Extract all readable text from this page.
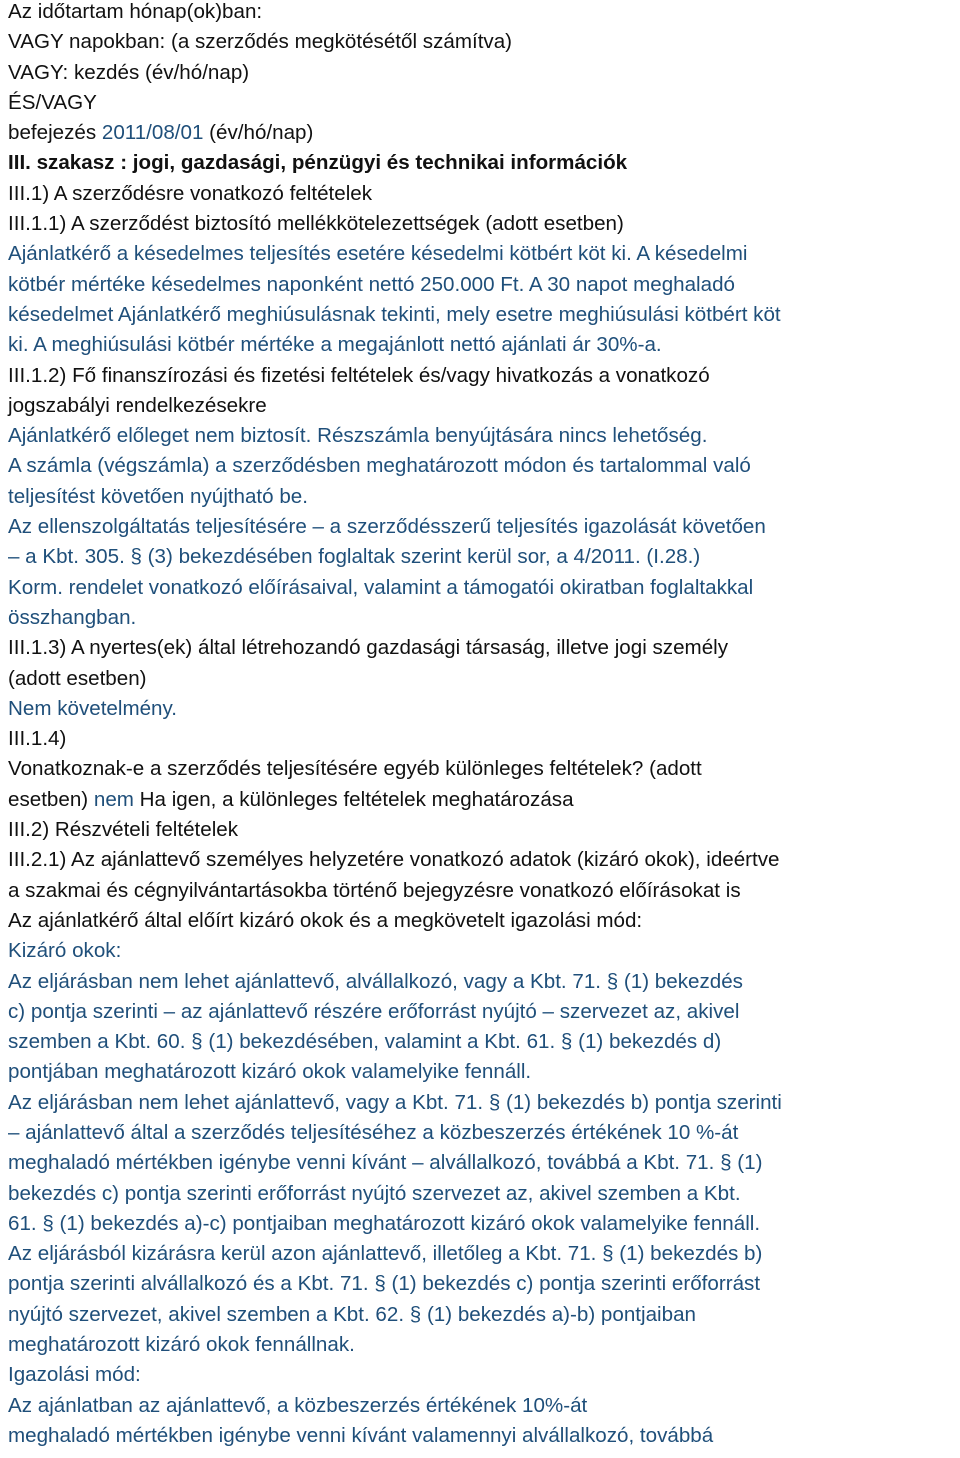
Az időtartam hónap(ok)ban:
VAGY napokban: (a szerződés megkötésétől számítva)
VAGY: kezdés (év/hó/nap)
ÉS/VAGY
befejezés 2011/08/01 (év/hó/nap)
III. szakasz : jogi, gazdasági, pénzügyi és technikai információk
III.1) A szerződésre vonatkozó feltételek
III.1.1) A szerződést biztosító mellékkötelezettségek (adott esetben)
Ajánlatkérő a késedelmes teljesítés esetére késedelmi kötbért köt ki. A késedelmi
kötbér mértéke késedelmes naponként nettó 250.000 Ft. A 30 napot meghaladó
késedelmet Ajánlatkérő meghiúsulásnak tekinti, mely esetre meghiúsulási kötbért köt
ki. A meghiúsulási kötbér mértéke a megajánlott nettó ajánlati ár 30%-a.
III.1.2) Fő finanszírozási és fizetési feltételek és/vagy hivatkozás a vonatkozó
jogszabályi rendelkezésekre
Ajánlatkérő előleget nem biztosít. Részszámla benyújtására nincs lehetőség.
A számla (végszámla) a szerződésben meghatározott módon és tartalommal való
teljesítést követően nyújtható be.
Az ellenszolgáltatás teljesítésére – a szerződésszerű teljesítés igazolását követően
– a Kbt. 305. § (3) bekezdésében foglaltak szerint kerül sor, a 4/2011. (I.28.)
Korm. rendelet vonatkozó előírásaival, valamint a támogatói okiratban foglaltakkal
összhangban.
III.1.3) A nyertes(ek) által létrehozandó gazdasági társaság, illetve jogi személy
(adott esetben)
Nem követelmény.
III.1.4)
Vonatkoznak-e a szerződés teljesítésére egyéb különleges feltételek? (adott
esetben) nem Ha igen, a különleges feltételek meghatározása
III.2) Részvételi feltételek
III.2.1) Az ajánlattevő személyes helyzetére vonatkozó adatok (kizáró okok), ideértve
a szakmai és cégnyilvántartásokba történő bejegyzésre vonatkozó előírásokat is
Az ajánlatkérő által előírt kizáró okok és a megkövetelt igazolási mód:
Kizáró okok:
Az eljárásban nem lehet ajánlattevő, alvállalkozó, vagy a Kbt. 71. § (1) bekezdés
c) pontja szerinti – az ajánlattevő részére erőforrást nyújtó – szervezet az, akivel
szemben a Kbt. 60. § (1) bekezdésében, valamint a Kbt. 61. § (1) bekezdés d)
pontjában meghatározott kizáró okok valamelyike fennáll.
Az eljárásban nem lehet ajánlattevő, vagy a Kbt. 71. § (1) bekezdés b) pontja szerinti
– ajánlattevő által a szerződés teljesítéséhez a közbeszerzés értékének 10 %-át
meghaladó mértékben igénybe venni kívánt – alvállalkozó, továbbá a Kbt. 71. § (1)
bekezdés c) pontja szerinti erőforrást nyújtó szervezet az, akivel szemben a Kbt.
61. § (1) bekezdés a)-c) pontjaiban meghatározott kizáró okok valamelyike fennáll.
Az eljárásból kizárásra kerül azon ajánlattevő, illetőleg a Kbt. 71. § (1) bekezdés b)
pontja szerinti alvállalkozó és a Kbt. 71. § (1) bekezdés c) pontja szerinti erőforrást
nyújtó szervezet, akivel szemben a Kbt. 62. § (1) bekezdés a)-b) pontjaiban
meghatározott kizáró okok fennállnak.
Igazolási mód:
Az ajánlatban az ajánlattevő, a közbeszerzés értékének 10%-át
meghaladó mértékben igénybe venni kívánt valamennyi alvállalkozó, továbbá
